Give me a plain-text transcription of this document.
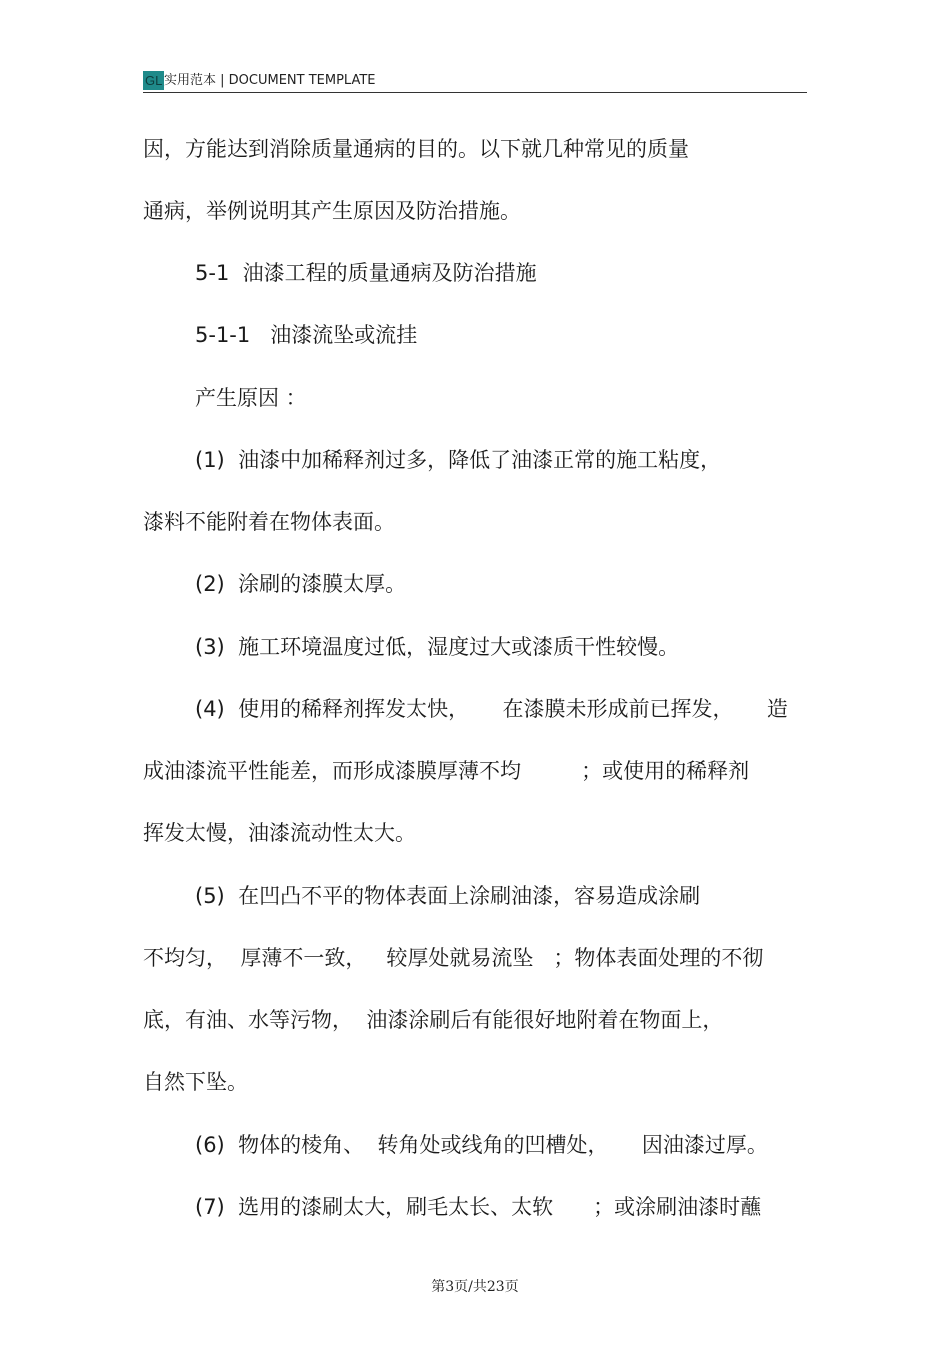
GL 实用范本 | DOCUMENT TEMPLATE
因，方能达到消除质量通病的目的。以下就几种常见的质量
通病，举例说明其产生原因及防治措施。
5-1  油漆工程的质量通病及防治措施
5-1-1   油漆流坠或流挂
产生原因 ：
(1)  油漆中加稀释剂过多，降低了油漆正常的施工粘度，
漆料不能附着在物体表面。
(2)  涂刷的漆膜太厚。
(3)  施工环境温度过低，湿度过大或漆质干性较慢。
(4)  使用的稀释剂挥发太快，     在漆膜未形成前已挥发，     造
成油漆流平性能差，而形成漆膜厚薄不均         ；或使用的稀释剂
挥发太慢，油漆流动性太大。
(5)  在凹凸不平的物体表面上涂刷油漆，容易造成涂刷
不均匀，  厚薄不一致，   较厚处就易流坠   ；物体表面处理的不彻
底，有油、水等污物，  油漆涂刷后有能很好地附着在物面上，
自然下坠。
(6)  物体的棱角、  转角处或线角的凹槽处，     因油漆过厚。
(7)  选用的漆刷太大，刷毛太长、太软      ；或涂刷油漆时蘸
第3页/共23页
